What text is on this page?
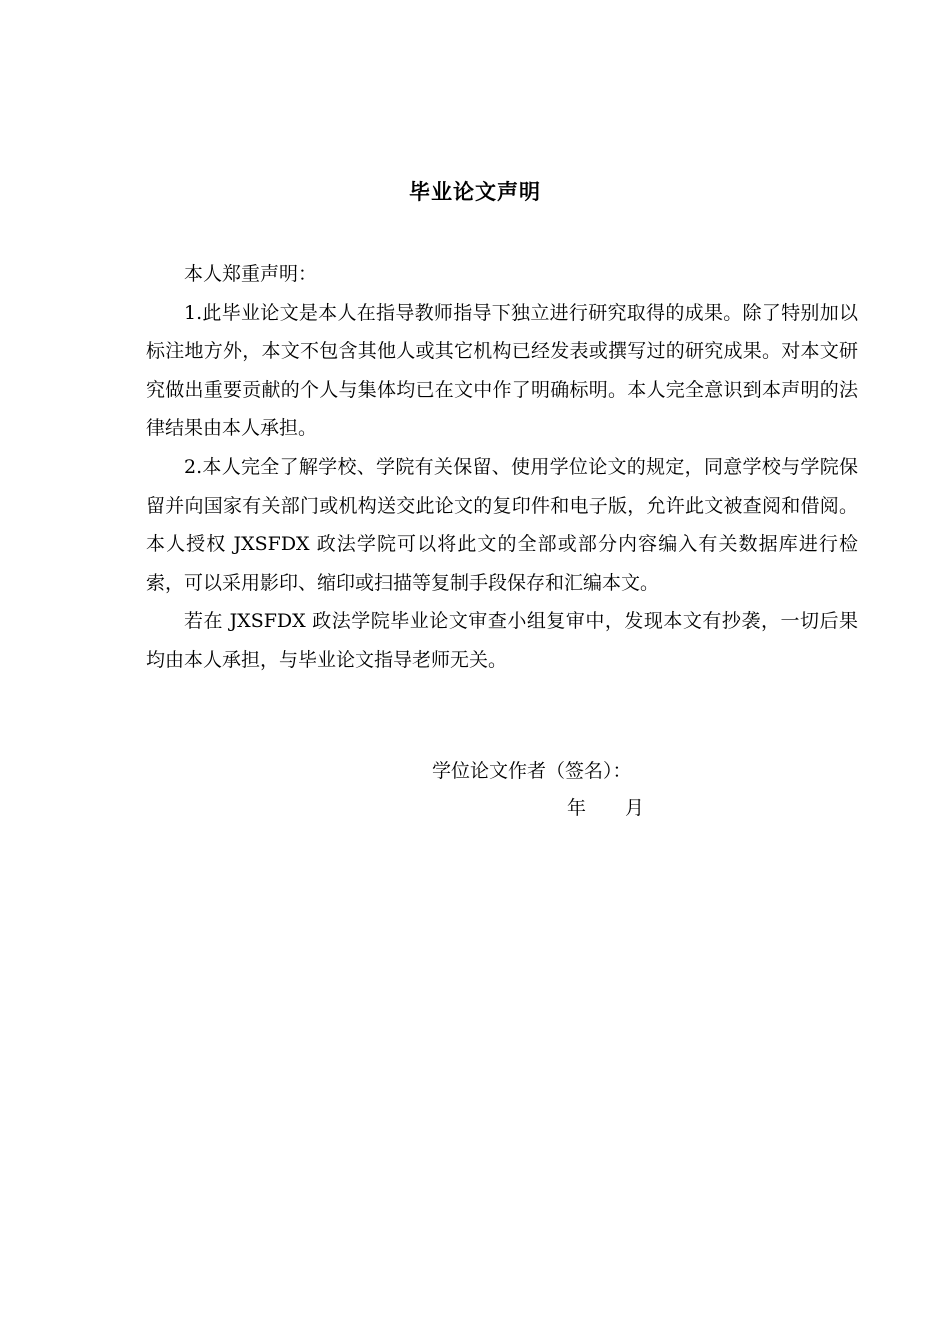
毕业论文声明

本人郑重声明：

1.此毕业论文是本人在指导教师指导下独立进行研究取得的成果。除了特别加以标注地方外，本文不包含其他人或其它机构已经发表或撰写过的研究成果。对本文研究做出重要贡献的个人与集体均已在文中作了明确标明。本人完全意识到本声明的法律结果由本人承担。

2.本人完全了解学校、学院有关保留、使用学位论文的规定，同意学校与学院保留并向国家有关部门或机构送交此论文的复印件和电子版，允许此文被查阅和借阅。本人授权 JXSFDX 政法学院可以将此文的全部或部分内容编入有关数据库进行检索，可以采用影印、缩印或扫描等复制手段保存和汇编本文。

若在 JXSFDX 政法学院毕业论文审查小组复审中，发现本文有抄袭，一切后果均由本人承担，与毕业论文指导老师无关。

学位论文作者（签名）：
年 月
